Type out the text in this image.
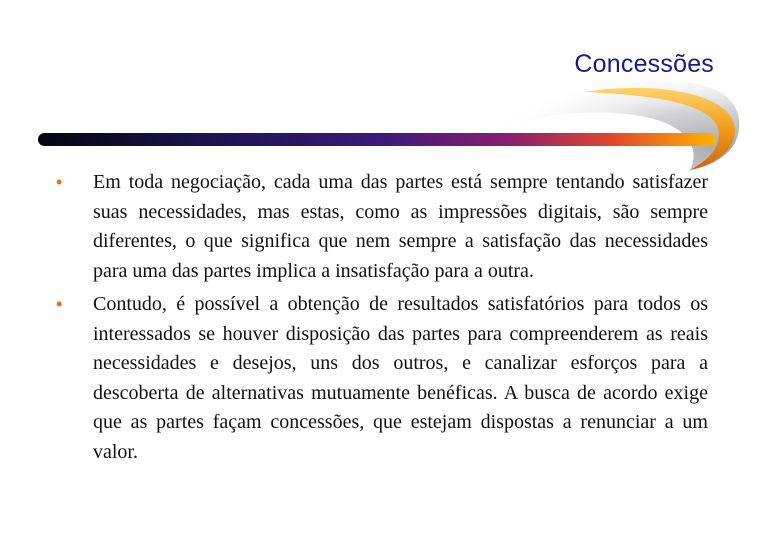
Concessões
• Em toda negociação, cada uma das partes está sempre tentando satisfazer suas necessidades, mas estas, como as impressões digitais, são sempre diferentes, o que significa que nem sempre a satisfação das necessidades para uma das partes implica a insatisfação para a outra.
• Contudo, é possível a obtenção de resultados satisfatórios para todos os interessados se houver disposição das partes para compreenderem as reais necessidades e desejos, uns dos outros, e canalizar esforços para a descoberta de alternativas mutuamente benéficas. A busca de acordo exige que as partes façam concessões, que estejam dispostas a renunciar a um valor.
